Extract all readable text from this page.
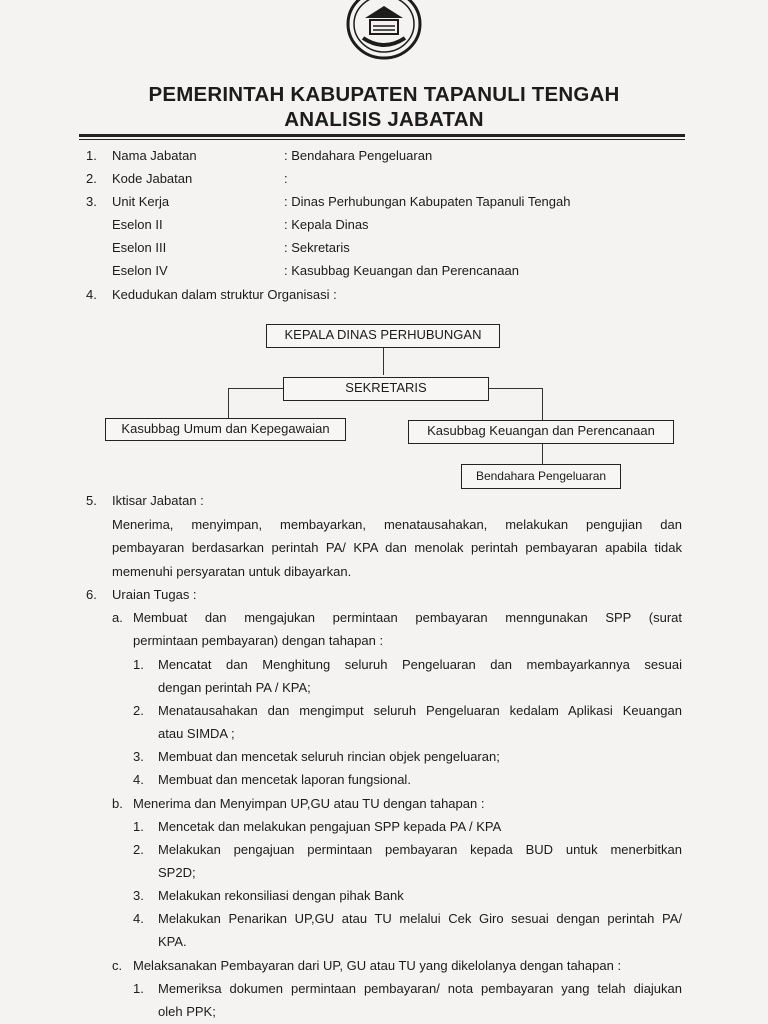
PEMERINTAH KABUPATEN TAPANULI TENGAH
ANALISIS JABATAN
1. Nama Jabatan	: Bendahara Pengeluaran
2. Kode Jabatan	:
3. Unit Kerja	: Dinas Perhubungan Kabupaten Tapanuli Tengah
Eselon II	: Kepala Dinas
Eselon III	: Sekretaris
Eselon IV	: Kasubbag Keuangan dan Perencanaan
4. Kedudukan dalam struktur Organisasi :
KEPALA DINAS PERHUBUNGAN
SEKRETARIS
Kasubbag Umum dan Kepegawaian	Kasubbag Keuangan dan Perencanaan
Bendahara Pengeluaran
5. Iktisar Jabatan :
Menerima, menyimpan, membayarkan, menatausahakan, melakukan pengujian dan
pembayaran berdasarkan perintah PA/ KPA dan menolak perintah pembayaran apabila tidak
memenuhi persyaratan untuk dibayarkan.
6. Uraian Tugas :
a. Membuat dan mengajukan permintaan pembayaran menngunakan SPP (surat
permintaan pembayaran) dengan tahapan :
1. Mencatat dan Menghitung seluruh Pengeluaran dan membayarkannya sesuai
dengan perintah PA / KPA;
2. Menatausahakan dan mengimput seluruh Pengeluaran kedalam Aplikasi Keuangan
atau SIMDA ;
3. Membuat dan mencetak seluruh rincian objek pengeluaran;
4. Membuat dan mencetak laporan fungsional.
b. Menerima dan Menyimpan UP,GU atau TU dengan tahapan :
1. Mencetak dan melakukan pengajuan SPP kepada PA / KPA
2. Melakukan pengajuan permintaan pembayaran kepada BUD untuk menerbitkan
SP2D;
3. Melakukan rekonsiliasi dengan pihak Bank
4. Melakukan Penarikan UP,GU atau TU melalui Cek Giro sesuai dengan perintah PA/
KPA.
c. Melaksanakan Pembayaran dari UP, GU atau TU yang dikelolanya dengan tahapan :
1. Memeriksa dokumen permintaan pembayaran/ nota pembayaran yang telah diajukan
oleh PPK;
